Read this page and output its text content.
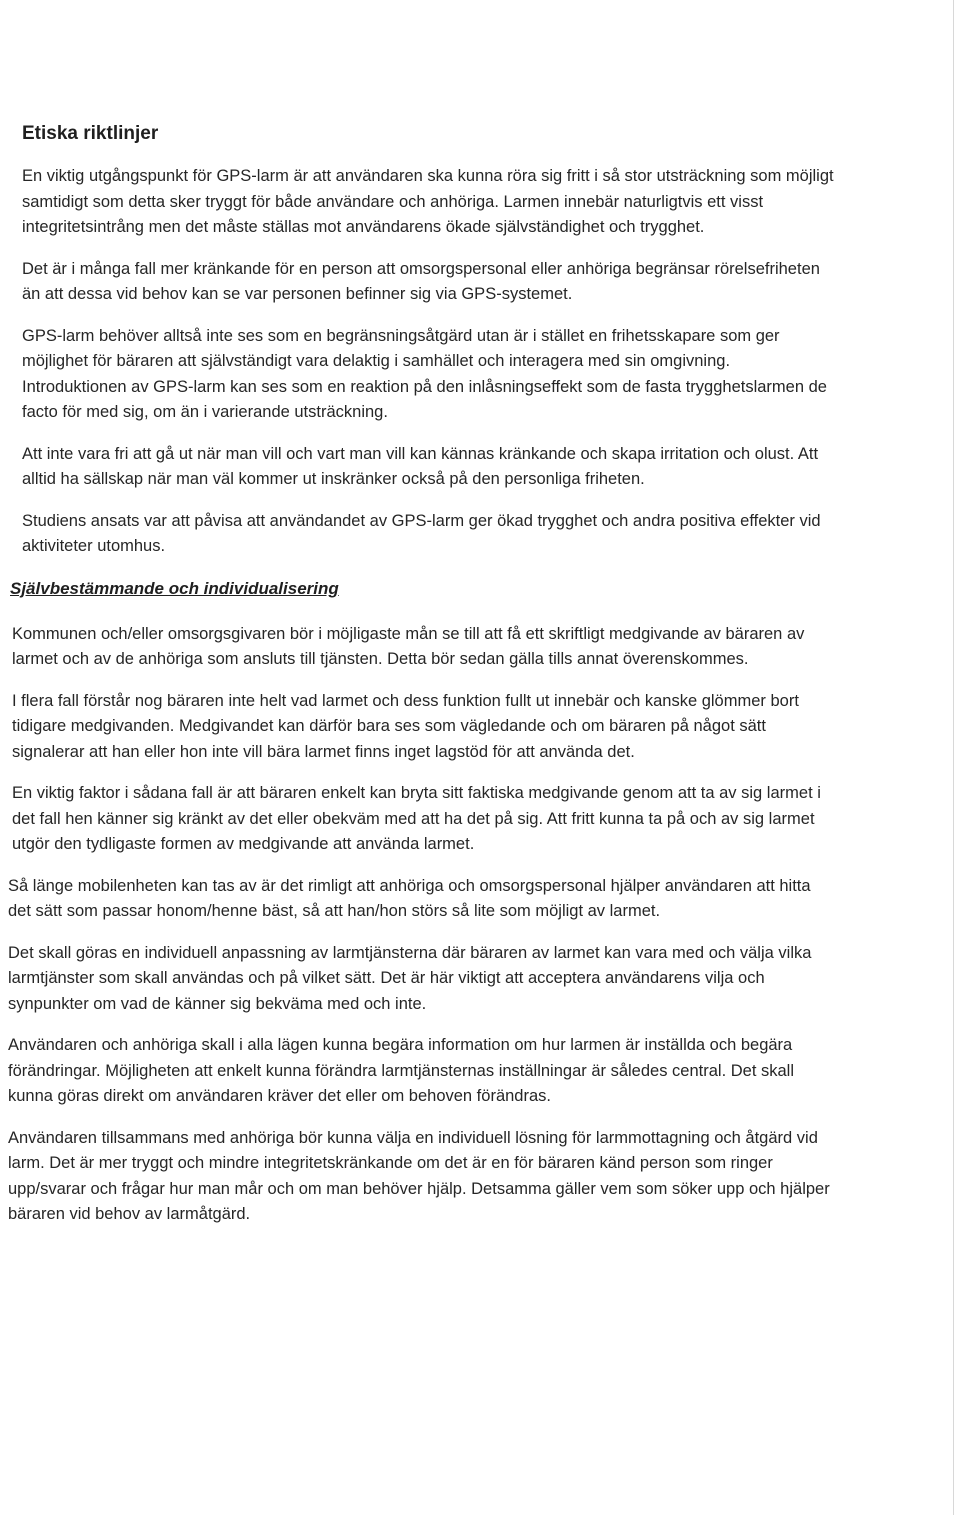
Etiska riktlinjer

En viktig utgångspunkt för GPS-larm är att användaren ska kunna röra sig fritt i så stor utsträckning som möjligt samtidigt som detta sker tryggt för både användare och anhöriga. Larmen innebär naturligtvis ett visst integritetsintrång men det måste ställas mot användarens ökade självständighet och trygghet.

Det är i många fall mer kränkande för en person att omsorgspersonal eller anhöriga begränsar rörelsefriheten än att dessa vid behov kan se var personen befinner sig via GPS-systemet.

GPS-larm behöver alltså inte ses som en begränsningsåtgärd utan är i stället en frihetsskapare som ger möjlighet för bäraren att självständigt vara delaktig i samhället och interagera med sin omgivning. Introduktionen av GPS-larm kan ses som en reaktion på den inlåsningseffekt som de fasta trygghetslarmen de facto för med sig, om än i varierande utsträckning.

Att inte vara fri att gå ut när man vill och vart man vill kan kännas kränkande och skapa irritation och olust. Att alltid ha sällskap när man väl kommer ut inskränker också på den personliga friheten.

Studiens ansats var att påvisa att användandet av GPS-larm ger ökad trygghet och andra positiva effekter vid aktiviteter utomhus.

Självbestämmande och individualisering

Kommunen och/eller omsorgsgivaren bör i möjligaste mån se till att få ett skriftligt medgivande av bäraren av larmet och av de anhöriga som ansluts till tjänsten. Detta bör sedan gälla tills annat överenskommes.

I flera fall förstår nog bäraren inte helt vad larmet och dess funktion fullt ut innebär och kanske glömmer bort tidigare medgivanden. Medgivandet kan därför bara ses som vägledande och om bäraren på något sätt signalerar att han eller hon inte vill bära larmet finns inget lagstöd för att använda det.

En viktig faktor i sådana fall är att bäraren enkelt kan bryta sitt faktiska medgivande genom att ta av sig larmet i det fall hen känner sig kränkt av det eller obekväm med att ha det på sig. Att fritt kunna ta på och av sig larmet utgör den tydligaste formen av medgivande att använda larmet.

Så länge mobilenheten kan tas av är det rimligt att anhöriga och omsorgspersonal hjälper användaren att hitta det sätt som passar honom/henne bäst, så att han/hon störs så lite som möjligt av larmet.

Det skall göras en individuell anpassning av larmtjänsterna där bäraren av larmet kan vara med och välja vilka larmtjänster som skall användas och på vilket sätt. Det är här viktigt att acceptera användarens vilja och synpunkter om vad de känner sig bekväma med och inte.

Användaren och anhöriga skall i alla lägen kunna begära information om hur larmen är inställda och begära förändringar. Möjligheten att enkelt kunna förändra larmtjänsternas inställningar är således central. Det skall kunna göras direkt om användaren kräver det eller om behoven förändras.

Användaren tillsammans med anhöriga bör kunna välja en individuell lösning för larmmottagning och åtgärd vid larm. Det är mer tryggt och mindre integritetskränkande om det är en för bäraren känd person som ringer upp/svarar och frågar hur man mår och om man behöver hjälp. Detsamma gäller vem som söker upp och hjälper bäraren vid behov av larmåtgärd.
